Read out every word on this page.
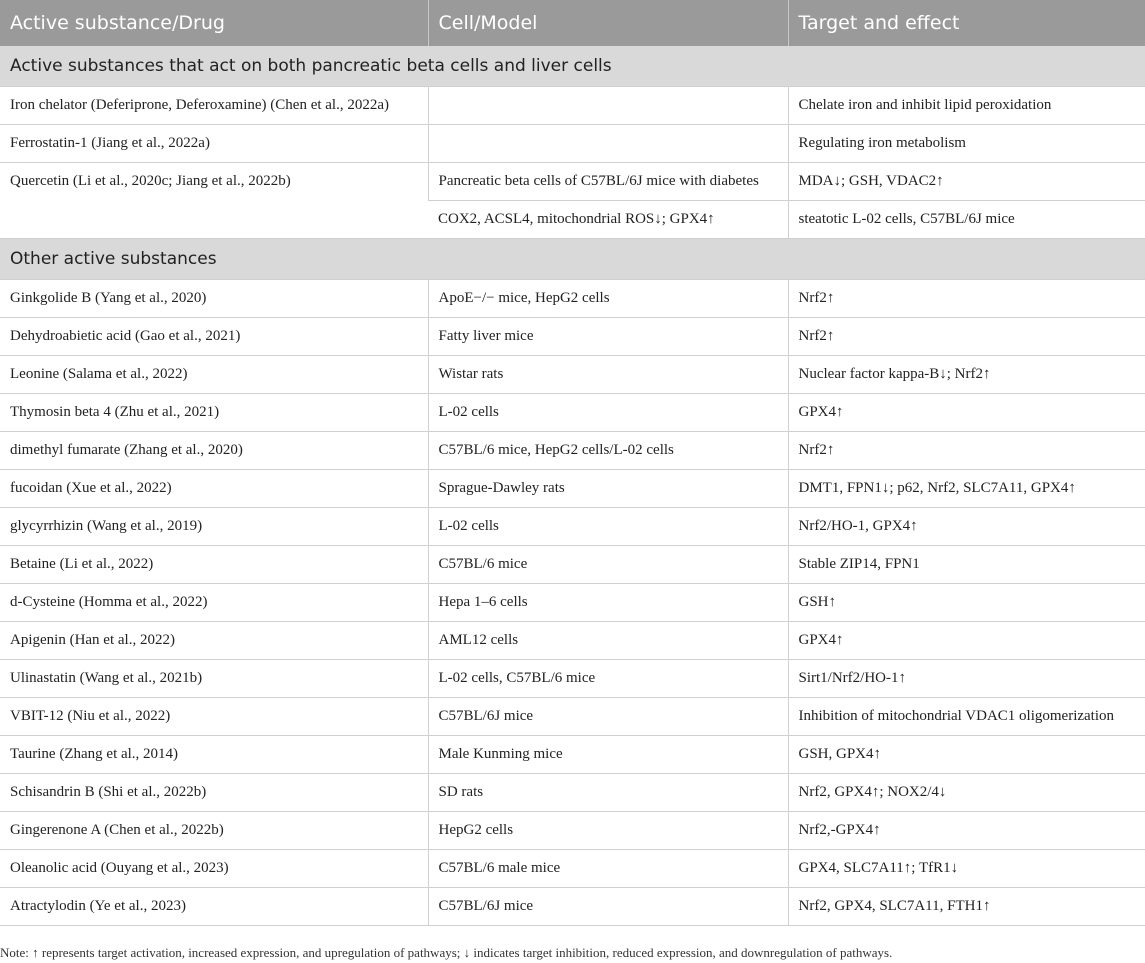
Active substance/Drug	Cell/Model	Target and effect
Active substances that act on both pancreatic beta cells and liver cells		
Iron chelator (Deferiprone, Deferoxamine) (Chen et al., 2022a)		Chelate iron and inhibit lipid peroxidation
Ferrostatin-1 (Jiang et al., 2022a)		Regulating iron metabolism
Quercetin (Li et al., 2020c; Jiang et al., 2022b)	Pancreatic beta cells of C57BL/6J mice with diabetes	MDA↓; GSH, VDAC2↑
	COX2, ACSL4, mitochondrial ROS↓; GPX4↑	steatotic L-02 cells, C57BL/6J mice
Other active substances		
Ginkgolide B (Yang et al., 2020)	ApoE−/− mice, HepG2 cells	Nrf2↑
Dehydroabietic acid (Gao et al., 2021)	Fatty liver mice	Nrf2↑
Leonine (Salama et al., 2022)	Wistar rats	Nuclear factor kappa-B↓; Nrf2↑
Thymosin beta 4 (Zhu et al., 2021)	L-02 cells	GPX4↑
dimethyl fumarate (Zhang et al., 2020)	C57BL/6 mice, HepG2 cells/L-02 cells	Nrf2↑
fucoidan (Xue et al., 2022)	Sprague-Dawley rats	DMT1, FPN1↓; p62, Nrf2, SLC7A11, GPX4↑
glycyrrhizin (Wang et al., 2019)	L-02 cells	Nrf2/HO-1, GPX4↑
Betaine (Li et al., 2022)	C57BL/6 mice	Stable ZIP14, FPN1
d-Cysteine (Homma et al., 2022)	Hepa 1–6 cells	GSH↑
Apigenin (Han et al., 2022)	AML12 cells	GPX4↑
Ulinastatin (Wang et al., 2021b)	L-02 cells, C57BL/6 mice	Sirt1/Nrf2/HO-1↑
VBIT-12 (Niu et al., 2022)	C57BL/6J mice	Inhibition of mitochondrial VDAC1 oligomerization
Taurine (Zhang et al., 2014)	Male Kunming mice	GSH, GPX4↑
Schisandrin B (Shi et al., 2022b)	SD rats	Nrf2, GPX4↑; NOX2/4↓
Gingerenone A (Chen et al., 2022b)	HepG2 cells	Nrf2,-GPX4↑
Oleanolic acid (Ouyang et al., 2023)	C57BL/6 male mice	GPX4, SLC7A11↑; TfR1↓
Atractylodin (Ye et al., 2023)	C57BL/6J mice	Nrf2, GPX4, SLC7A11, FTH1↑
Note: ↑ represents target activation, increased expression, and upregulation of pathways; ↓ indicates target inhibition, reduced expression, and downregulation of pathways.
